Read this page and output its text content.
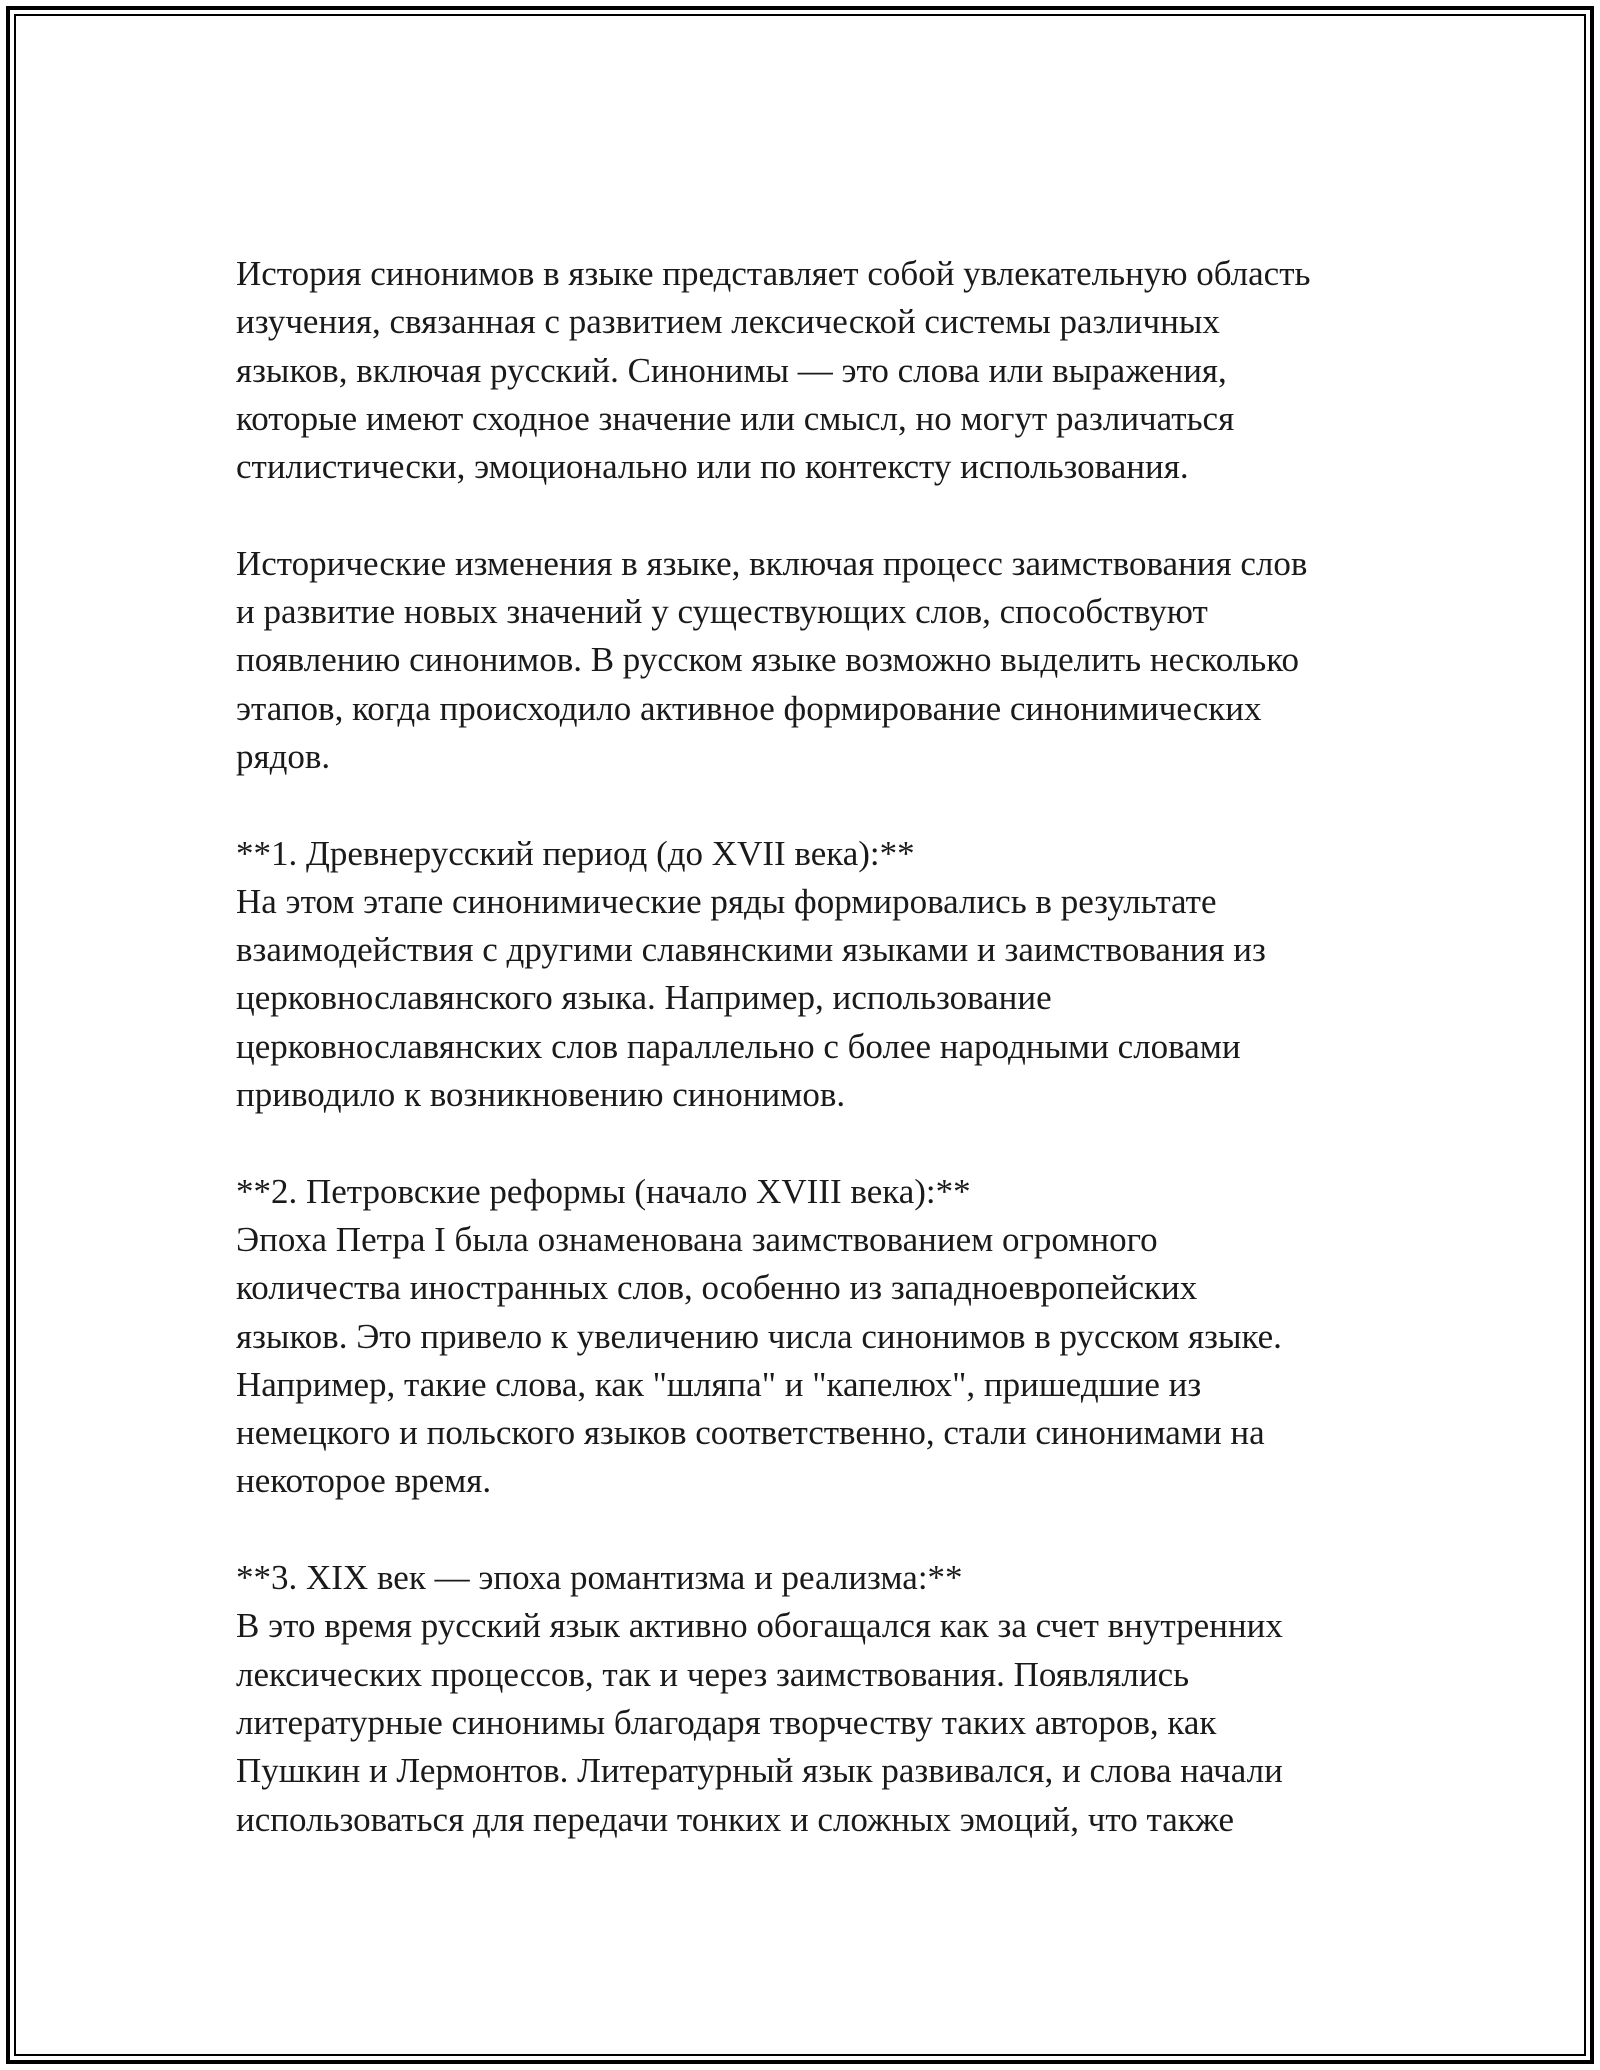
История синонимов в языке представляет собой увлекательную область
изучения, связанная с развитием лексической системы различных
языков, включая русский. Синонимы — это слова или выражения,
которые имеют сходное значение или смысл, но могут различаться
стилистически, эмоционально или по контексту использования.
Исторические изменения в языке, включая процесс заимствования слов
и развитие новых значений у существующих слов, способствуют
появлению синонимов. В русском языке возможно выделить несколько
этапов, когда происходило активное формирование синонимических
рядов.
**1. Древнерусский период (до XVII века):**
На этом этапе синонимические ряды формировались в результате
взаимодействия с другими славянскими языками и заимствования из
церковнославянского языка. Например, использование
церковнославянских слов параллельно с более народными словами
приводило к возникновению синонимов.
**2. Петровские реформы (начало XVIII века):**
Эпоха Петра I была ознаменована заимствованием огромного
количества иностранных слов, особенно из западноевропейских
языков. Это привело к увеличению числа синонимов в русском языке.
Например, такие слова, как "шляпа" и "капелюх", пришедшие из
немецкого и польского языков соответственно, стали синонимами на
некоторое время.
**3. XIX век — эпоха романтизма и реализма:**
В это время русский язык активно обогащался как за счет внутренних
лексических процессов, так и через заимствования. Появлялись
литературные синонимы благодаря творчеству таких авторов, как
Пушкин и Лермонтов. Литературный язык развивался, и слова начали
использоваться для передачи тонких и сложных эмоций, что также
